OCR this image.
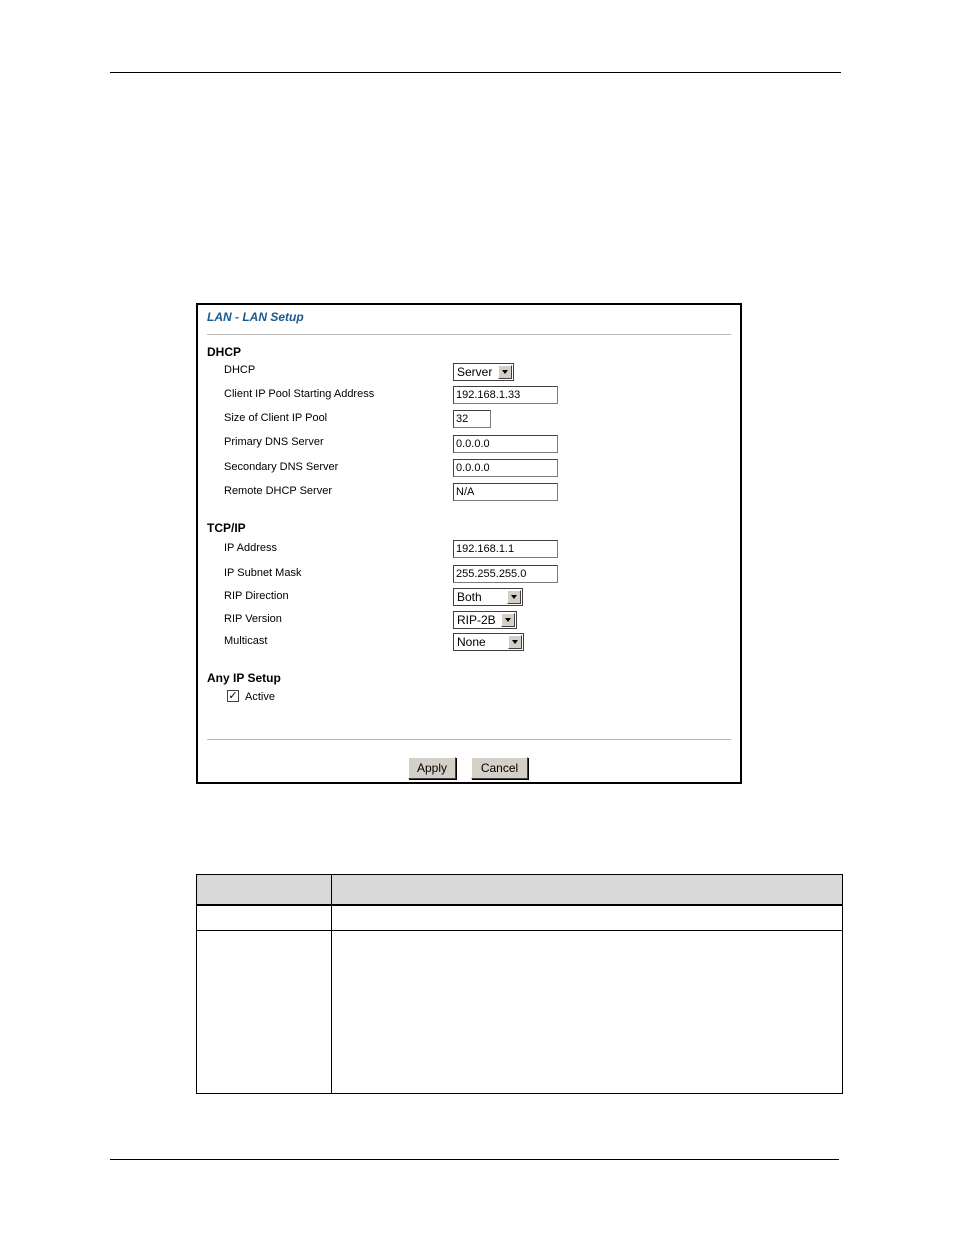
LAN - LAN Setup
DHCP
DHCP	Server
Client IP Pool Starting Address	192.168.1.33
Size of Client IP Pool	32
Primary DNS Server	0.0.0.0
Secondary DNS Server	0.0.0.0
Remote DHCP Server	N/A
TCP/IP
IP Address	192.168.1.1
IP Subnet Mask	255.255.255.0
RIP Direction	Both
RIP Version	RIP-2B
Multicast	None
Any IP Setup
✓ Active
Apply	Cancel
